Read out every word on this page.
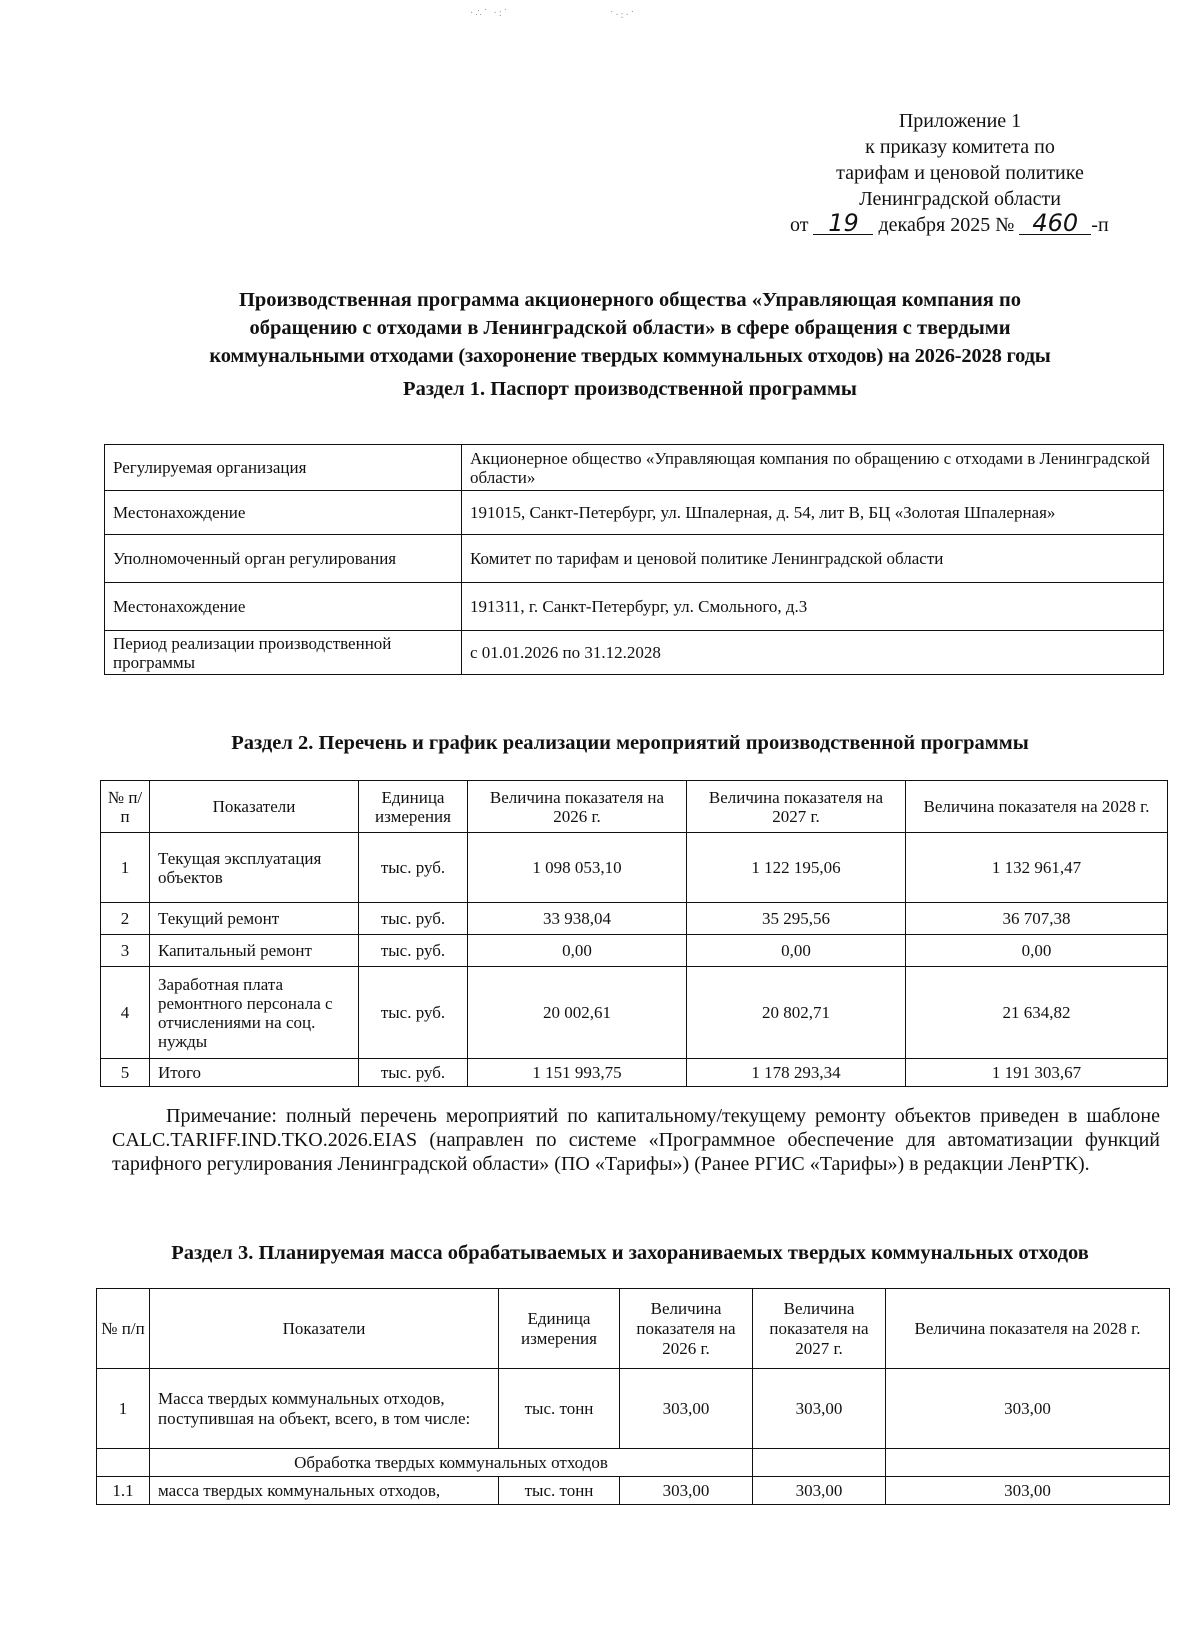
·∴˙ ·:˙	˙·:·˙
Приложение 1
к приказу комитета по
тарифам и ценовой политике
Ленинградской области
от 19 декабря 2025 № 460 -п
Производственная программа акционерного общества «Управляющая компания по
обращению с отходами в Ленинградской области» в сфере обращения с твердыми
коммунальными отходами (захоронение твердых коммунальных отходов) на 2026-2028 годы
Раздел 1. Паспорт производственной программы
Регулируемая организация	Акционерное общество «Управляющая компания по обращению с отходами в Ленинградской области»
Местонахождение	191015, Санкт-Петербург, ул. Шпалерная, д. 54, лит В, БЦ «Золотая Шпалерная»
Уполномоченный орган регулирования	Комитет по тарифам и ценовой политике Ленинградской области
Местонахождение	191311, г. Санкт-Петербург, ул. Смольного, д.3
Период реализации производственной программы	с 01.01.2026 по 31.12.2028
Раздел 2. Перечень и график реализации мероприятий производственной программы
№ п/п	Показатели	Единица измерения	Величина показателя на 2026 г.	Величина показателя на 2027 г.	Величина показателя на 2028 г.
1	Текущая эксплуатация объектов	тыс. руб.	1 098 053,10	1 122 195,06	1 132 961,47
2	Текущий ремонт	тыс. руб.	33 938,04	35 295,56	36 707,38
3	Капитальный ремонт	тыс. руб.	0,00	0,00	0,00
4	Заработная плата ремонтного персонала с отчислениями на соц. нужды	тыс. руб.	20 002,61	20 802,71	21 634,82
5	Итого	тыс. руб.	1 151 993,75	1 178 293,34	1 191 303,67
Примечание: полный перечень мероприятий по капитальному/текущему ремонту объектов приведен в шаблоне CALC.TARIFF.IND.TKO.2026.EIAS (направлен по системе «Программное обеспечение для автоматизации функций тарифного регулирования Ленинградской области» (ПО «Тарифы») (Ранее РГИС «Тарифы») в редакции ЛенРТК).
Раздел 3. Планируемая масса обрабатываемых и захораниваемых твердых коммунальных отходов
№ п/п	Показатели	Единица измерения	Величина показателя на 2026 г.	Величина показателя на 2027 г.	Величина показателя на 2028 г.
1	Масса твердых коммунальных отходов, поступившая на объект, всего, в том числе:	тыс. тонн	303,00	303,00	303,00
	Обработка твердых коммунальных отходов				
1.1	масса твердых коммунальных отходов,	тыс. тонн	303,00	303,00	303,00
